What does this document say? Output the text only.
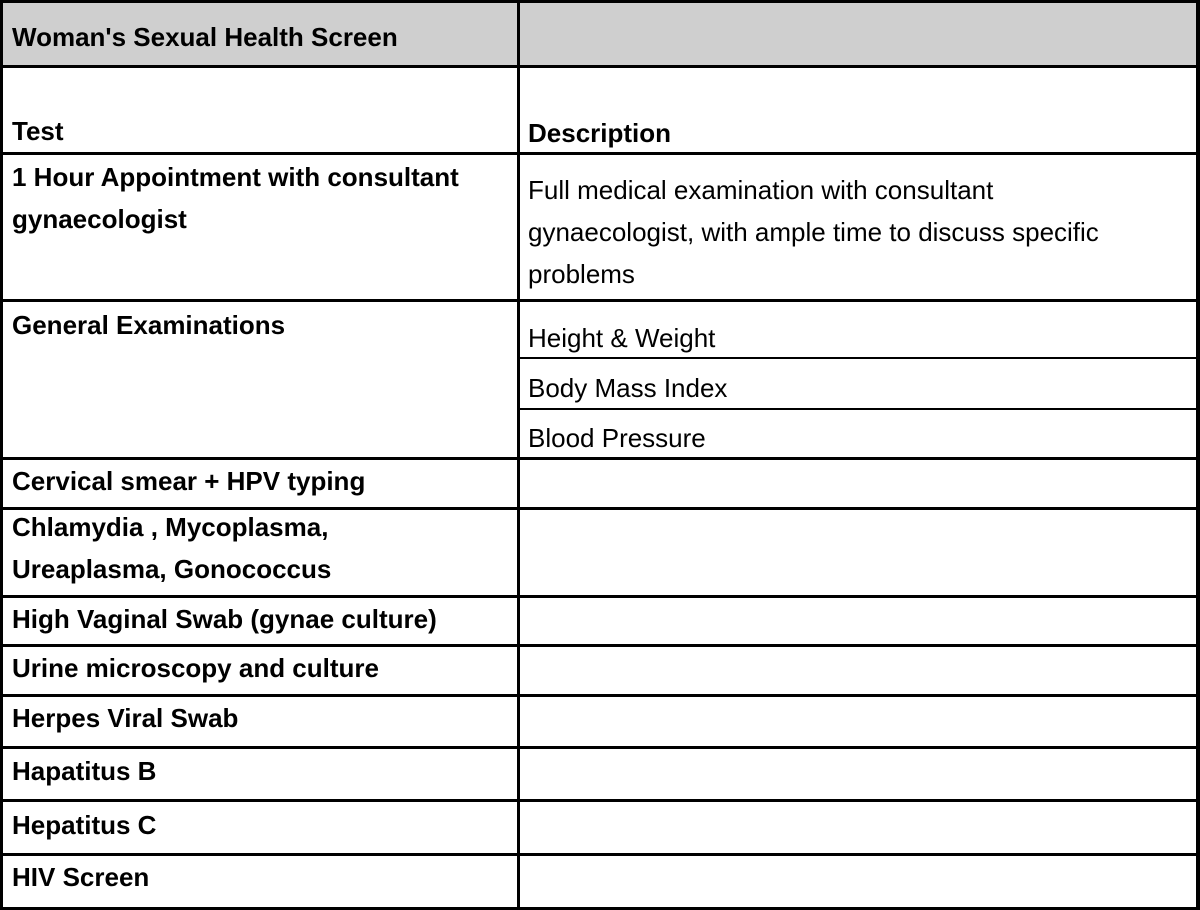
Woman's Sexual Health Screen
Test	Description
1 Hour Appointment with consultant
gynaecologist
Full medical examination with consultant
gynaecologist, with ample time to discuss specific
problems
General Examinations	Height & Weight
Body Mass Index
Blood Pressure
Cervical smear + HPV typing
Chlamydia , Mycoplasma,
Ureaplasma, Gonococcus
High Vaginal Swab (gynae culture)
Urine microscopy and culture
Herpes Viral Swab
Hapatitus B
Hepatitus C
HIV Screen
